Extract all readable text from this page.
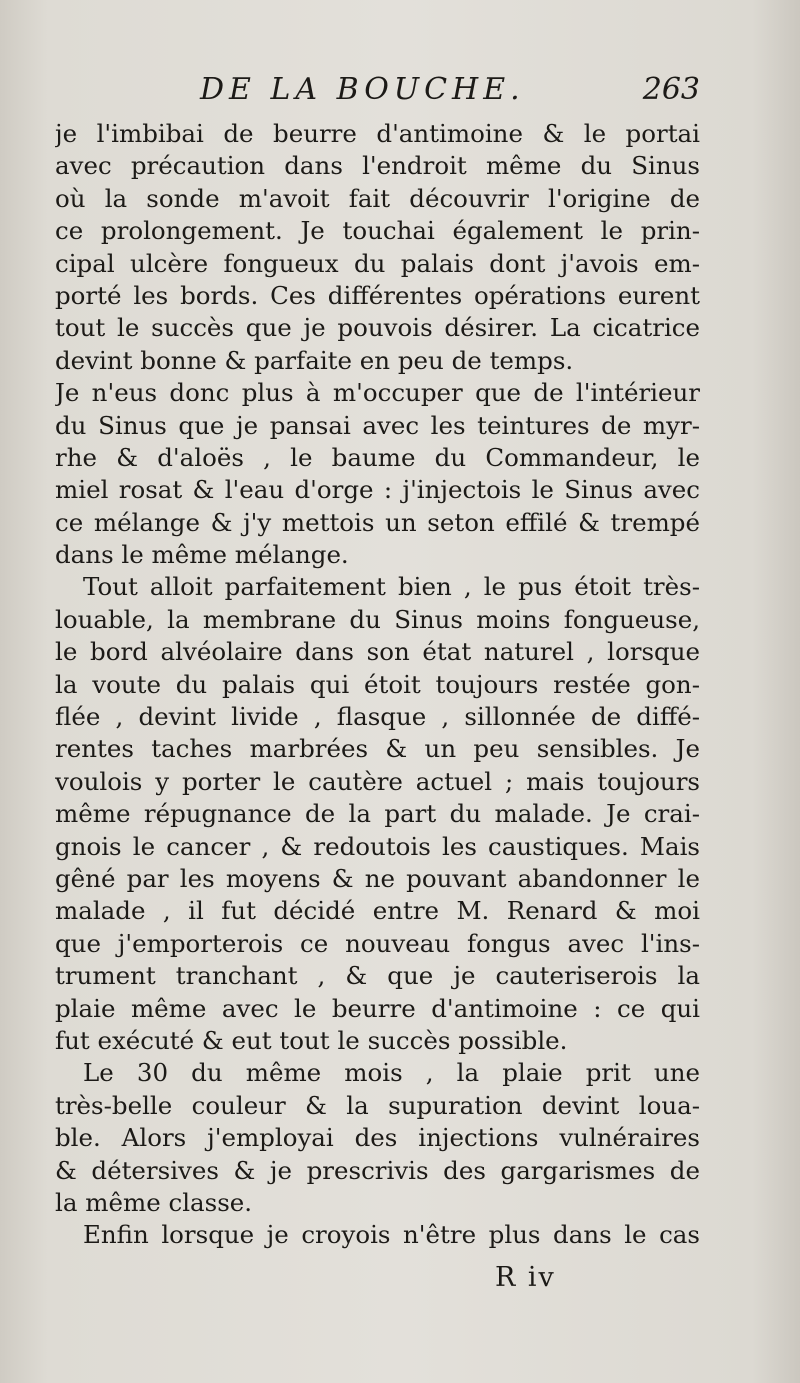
DE LA BOUCHE.	263
je l'imbibai de beurre d'antimoine & le portai
avec précaution dans l'endroit même du Sinus
où la sonde m'avoit fait découvrir l'origine de
ce prolongement. Je touchai également le prin-
cipal ulcère fongueux du palais dont j'avois em-
porté les bords. Ces différentes opérations eurent
tout le succès que je pouvois désirer. La cicatrice
devint bonne & parfaite en peu de temps.
Je n'eus donc plus à m'occuper que de l'intérieur
du Sinus que je pansai avec les teintures de myr-
rhe & d'aloës , le baume du Commandeur, le
miel rosat & l'eau d'orge : j'injectois le Sinus avec
ce mélange & j'y mettois un seton effilé & trempé
dans le même mélange.
Tout alloit parfaitement bien , le pus étoit très-
louable, la membrane du Sinus moins fongueuse,
le bord alvéolaire dans son état naturel , lorsque
la voute du palais qui étoit toujours restée gon-
flée , devint livide , flasque , sillonnée de diffé-
rentes taches marbrées & un peu sensibles. Je
voulois y porter le cautère actuel ; mais toujours
même répugnance de la part du malade. Je crai-
gnois le cancer , & redoutois les caustiques. Mais
gêné par les moyens & ne pouvant abandonner le
malade , il fut décidé entre M. Renard & moi
que j'emporterois ce nouveau fongus avec l'ins-
trument tranchant , & que je cauteriserois la
plaie même avec le beurre d'antimoine : ce qui
fut exécuté & eut tout le succès possible.
Le 30 du même mois , la plaie prit une
très-belle couleur & la supuration devint loua-
ble. Alors j'employai des injections vulnéraires
& détersives & je prescrivis des gargarismes de
la même classe.
Enfin lorsque je croyois n'être plus dans le cas
R iv
